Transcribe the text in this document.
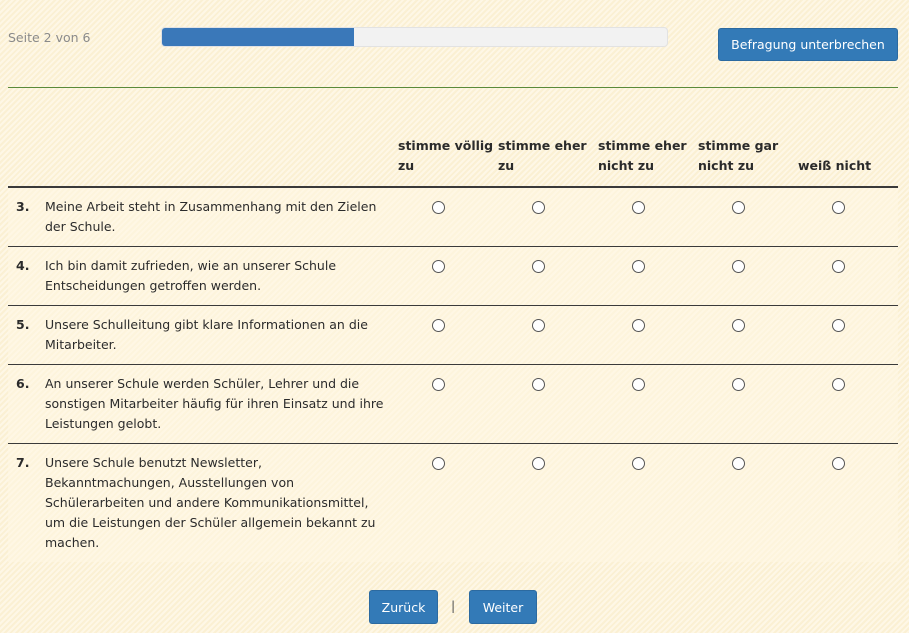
Seite 2 von 6	Befragung unterbrechen
		stimme völlig zu	stimme eher zu	stimme eher nicht zu	stimme gar nicht zu	weiß nicht
3.	Meine Arbeit steht in Zusammenhang mit den Zielen der Schule.					
4.	Ich bin damit zufrieden, wie an unserer Schule Entscheidungen getroffen werden.					
5.	Unsere Schulleitung gibt klare Informationen an die Mitarbeiter.					
6.	An unserer Schule werden Schüler, Lehrer und die sonstigen Mitarbeiter häufig für ihren Einsatz und ihre Leistungen gelobt.					
7.	Unsere Schule benutzt Newsletter, Bekanntmachungen, Ausstellungen von Schülerarbeiten und andere Kommunikationsmittel, um die Leistungen der Schüler allgemein bekannt zu machen.					
Zurück	|	Weiter
